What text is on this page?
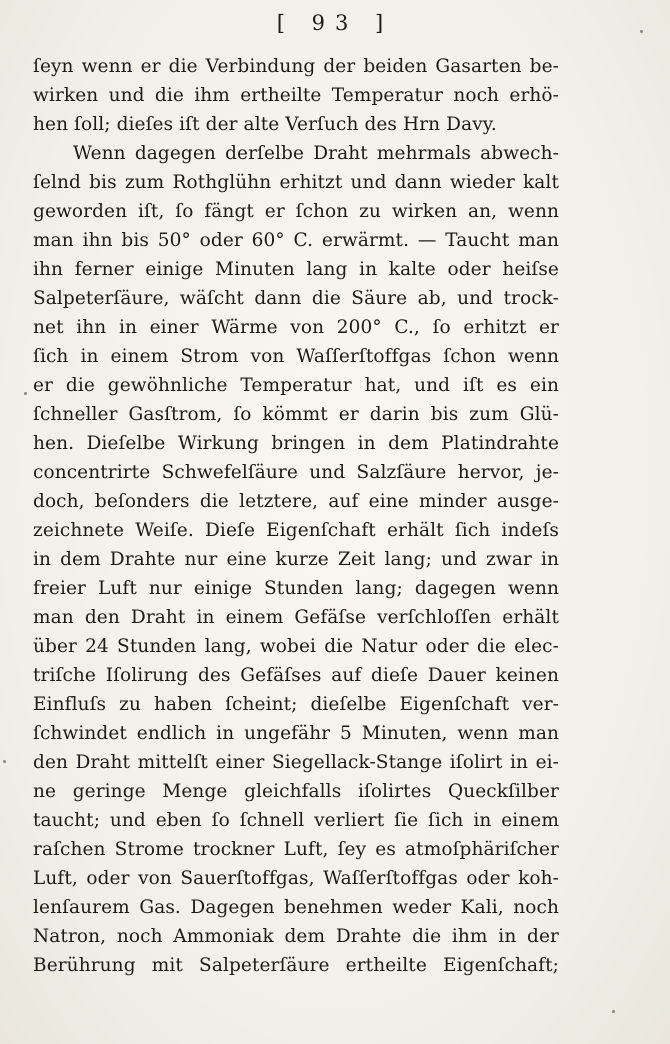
[ 93 ]
ſeyn wenn er die Verbindung der beiden Gasarten be-
wirken und die ihm ertheilte Temperatur noch erhö-
hen ſoll; dieſes iſt der alte Verſuch des Hrn Davy.
Wenn dagegen derſelbe Draht mehrmals abwech-
ſelnd bis zum Rothglühn erhitzt und dann wieder kalt
geworden iſt, ſo fängt er ſchon zu wirken an, wenn
man ihn bis 50° oder 60° C. erwärmt. — Taucht man
ihn ferner einige Minuten lang in kalte oder heiſse
Salpeterſäure, wäſcht dann die Säure ab, und trock-
net ihn in einer Wärme von 200° C., ſo erhitzt er
ſich in einem Strom von Waſſerſtoffgas ſchon wenn
er die gewöhnliche Temperatur hat, und iſt es ein
ſchneller Gasſtrom, ſo kömmt er darin bis zum Glü-
hen. Dieſelbe Wirkung bringen in dem Platindrahte
concentrirte Schwefelſäure und Salzſäure hervor, je-
doch, beſonders die letztere, auf eine minder ausge-
zeichnete Weiſe. Dieſe Eigenſchaft erhält ſich indeſs
in dem Drahte nur eine kurze Zeit lang; und zwar in
freier Luft nur einige Stunden lang; dagegen wenn
man den Draht in einem Gefäſse verſchloſſen erhält
über 24 Stunden lang, wobei die Natur oder die elec-
triſche Iſolirung des Gefäſses auf dieſe Dauer keinen
Einfluſs zu haben ſcheint; dieſelbe Eigenſchaft ver-
ſchwindet endlich in ungefähr 5 Minuten, wenn man
den Draht mittelſt einer Siegellack-Stange iſolirt in ei-
ne geringe Menge gleichfalls iſolirtes Queckſilber
taucht; und eben ſo ſchnell verliert ſie ſich in einem
raſchen Strome trockner Luft, ſey es atmoſphäriſcher
Luft, oder von Sauerſtoffgas, Waſſerſtoffgas oder koh-
lenſaurem Gas. Dagegen benehmen weder Kali, noch
Natron, noch Ammoniak dem Drahte die ihm in der
Berührung mit Salpeterſäure ertheilte Eigenſchaft;
